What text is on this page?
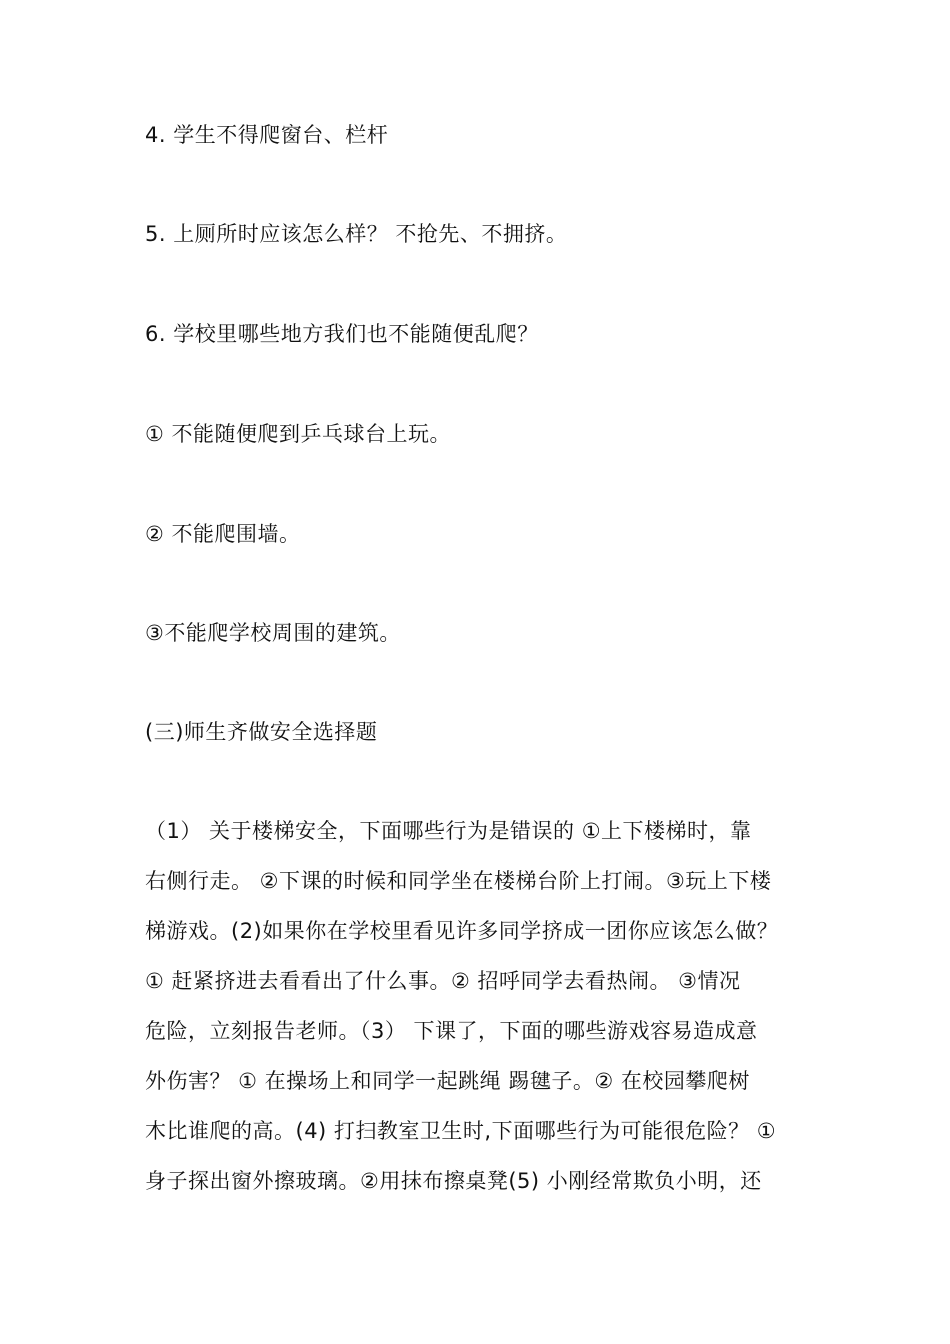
4. 学生不得爬窗台、栏杆
5. 上厕所时应该怎么样？ 不抢先、不拥挤。
6. 学校里哪些地方我们也不能随便乱爬？
① 不能随便爬到乒乓球台上玩。
② 不能爬围墙。
③不能爬学校周围的建筑。
(三)师生齐做安全选择题
（1） 关于楼梯安全，下面哪些行为是错误的 ①上下楼梯时，靠
右侧行走。 ②下课的时候和同学坐在楼梯台阶上打闹。③玩上下楼
梯游戏。(2)如果你在学校里看见许多同学挤成一团你应该怎么做？
① 赶紧挤进去看看出了什么事。② 招呼同学去看热闹。 ③情况
危险，立刻报告老师。（3） 下课了，下面的哪些游戏容易造成意
外伤害？ ① 在操场上和同学一起跳绳 踢毽子。② 在校园攀爬树
木比谁爬的高。(4) 打扫教室卫生时,下面哪些行为可能很危险？ ①
身子探出窗外擦玻璃。②用抹布擦桌凳(5) 小刚经常欺负小明，还
